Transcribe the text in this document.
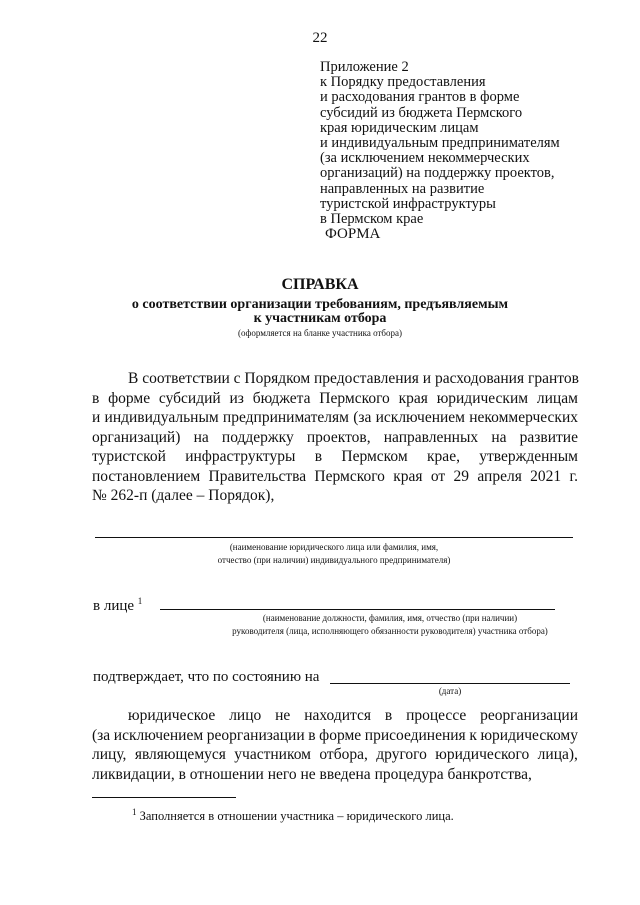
22
Приложение 2
к Порядку предоставления
и расходования грантов в форме
субсидий из бюджета Пермского
края юридическим лицам
и индивидуальным предпринимателям
(за исключением некоммерческих
организаций) на поддержку проектов,
направленных на развитие
туристской инфраструктуры
в Пермском крае
ФОРМА
СПРАВКА
о соответствии организации требованиям, предъявляемым
к участникам отбора
(оформляется на бланке участника отбора)
В соответствии с Порядком предоставления и расходования грантов
в форме субсидий из бюджета Пермского края юридическим лицам
и индивидуальным предпринимателям (за исключением некоммерческих
организаций) на поддержку проектов, направленных на развитие
туристской инфраструктуры в Пермском крае, утвержденным
постановлением Правительства Пермского края от 29 апреля 2021 г.
№ 262-п (далее – Порядок),
(наименование юридического лица или фамилия, имя,
отчество (при наличии) индивидуального предпринимателя)
в лице $^1$
(наименование должности, фамилия, имя, отчество (при наличии)
руководителя (лица, исполняющего обязанности руководителя) участника отбора)
подтверждает, что по состоянию на
(дата)
юридическое лицо не находится в процессе реорганизации
(за исключением реорганизации в форме присоединения к юридическому
лицу, являющемуся участником отбора, другого юридического лица),
ликвидации, в отношении него не введена процедура банкротства,
$^1$ Заполняется в отношении участника – юридического лица.
